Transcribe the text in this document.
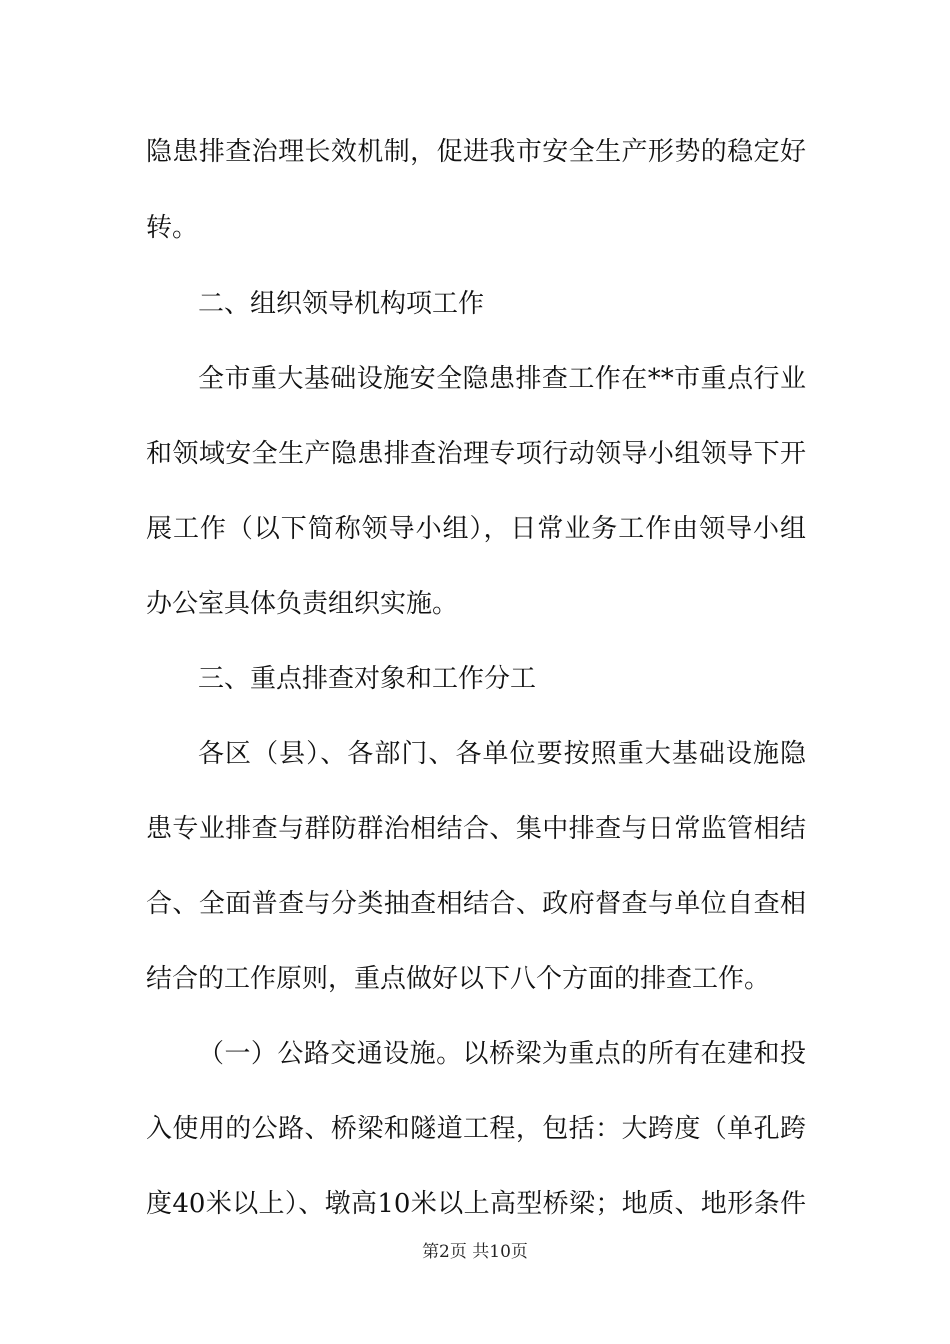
隐患排查治理长效机制，促进我市安全生产形势的稳定好
转。
二、组织领导机构项工作
全市重大基础设施安全隐患排查工作在**市重点行业
和领域安全生产隐患排查治理专项行动领导小组领导下开
展工作（以下简称领导小组），日常业务工作由领导小组
办公室具体负责组织实施。
三、重点排查对象和工作分工
各区（县）、各部门、各单位要按照重大基础设施隐
患专业排查与群防群治相结合、集中排查与日常监管相结
合、全面普查与分类抽查相结合、政府督查与单位自查相
结合的工作原则，重点做好以下八个方面的排查工作。
（一）公路交通设施。以桥梁为重点的所有在建和投
入使用的公路、桥梁和隧道工程，包括：大跨度（单孔跨
度40米以上）、墩高10米以上高型桥梁；地质、地形条件
第2页 共10页
